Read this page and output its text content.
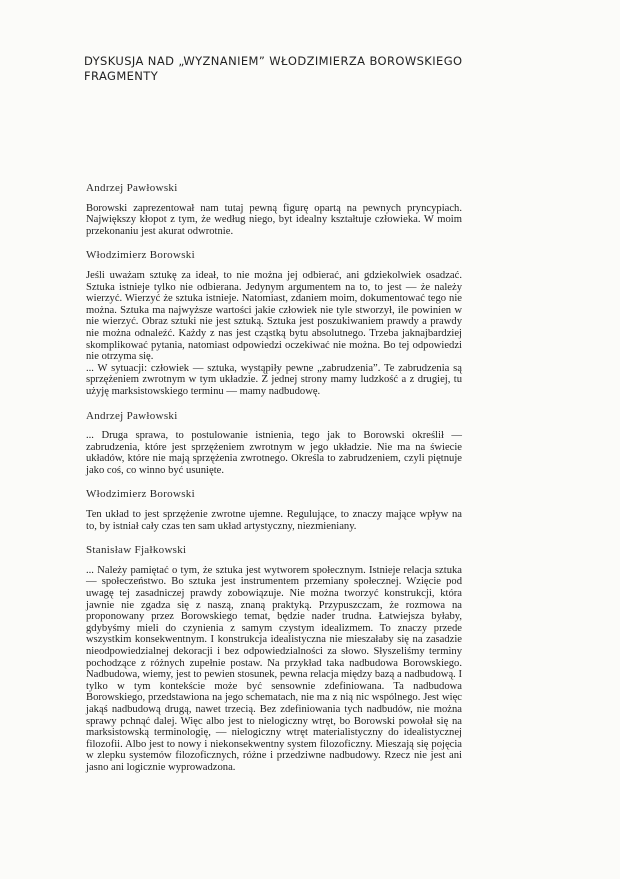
DYSKUSJA NAD „WYZNANIEM” WŁODZIMIERZA BOROWSKIEGO
FRAGMENTY
Andrzej Pawłowski
Borowski zaprezentował nam tutaj pewną figurę opartą na pewnych pryncypiach. Największy kłopot z tym, że według niego, byt idealny kształtuje człowieka. W moim przekonaniu jest akurat odwrotnie.
Włodzimierz Borowski
Jeśli uważam sztukę za ideał, to nie można jej odbierać, ani gdziekolwiek osadzać. Sztuka istnieje tylko nie odbierana. Jedynym argumentem na to, to jest — że należy wierzyć. Wierzyć że sztuka istnieje. Natomiast, zdaniem moim, dokumentować tego nie można. Sztuka ma najwyższe wartości jakie człowiek nie tyle stworzył, ile powinien w nie wierzyć. Obraz sztuki nie jest sztuką. Sztuka jest poszukiwaniem prawdy a prawdy nie można odnaleźć. Każdy z nas jest cząstką bytu absolutnego. Trzeba jaknajbardziej skomplikować pytania, natomiast odpowiedzi oczekiwać nie można. Bo tej odpowiedzi nie otrzyma się.
... W sytuacji: człowiek — sztuka, wystąpiły pewne „zabrudzenia”. Te zabrudzenia są sprzężeniem zwrotnym w tym układzie. Z jednej strony mamy ludzkość a z drugiej, tu użyję marksistowskiego terminu — mamy nadbudowę.
Andrzej Pawłowski
... Druga sprawa, to postulowanie istnienia, tego jak to Borowski określił — zabrudzenia, które jest sprzężeniem zwrotnym w jego układzie. Nie ma na świecie układów, które nie mają sprzężenia zwrotnego. Określa to zabrudzeniem, czyli piętnuje jako coś, co winno być usunięte.
Włodzimierz Borowski
Ten układ to jest sprzężenie zwrotne ujemne. Regulujące, to znaczy mające wpływ na to, by istniał cały czas ten sam układ artystyczny, niezmieniany.
Stanisław Fjałkowski
... Należy pamiętać o tym, że sztuka jest wytworem społecznym. Istnieje relacja sztuka — społeczeństwo. Bo sztuka jest instrumentem przemiany społecznej. Wzięcie pod uwagę tej zasadniczej prawdy zobowiązuje. Nie można tworzyć konstrukcji, która jawnie nie zgadza się z naszą, znaną praktyką. Przypuszczam, że rozmowa na proponowany przez Borowskiego temat, będzie nader trudna. Łatwiejsza byłaby, gdybyśmy mieli do czynienia z samym czystym idealizmem. To znaczy przede wszystkim konsekwentnym. I konstrukcja idealistyczna nie mieszałaby się na zasadzie nieodpowiedzialnej dekoracji i bez odpowiedzialności za słowo. Słyszeliśmy terminy pochodzące z różnych zupełnie postaw. Na przykład taka nadbudowa Borowskiego. Nadbudowa, wiemy, jest to pewien stosunek, pewna relacja między bazą a nadbudową. I tylko w tym kontekście może być sensownie zdefiniowana. Ta nadbudowa Borowskiego, przedstawiona na jego schematach, nie ma z nią nic wspólnego. Jest więc jakąś nadbudową drugą, nawet trzecią. Bez zdefiniowania tych nadbudów, nie można sprawy pchnąć dalej. Więc albo jest to nielogiczny wtręt, bo Borowski powołał się na marksistowską terminologię, — nielogiczny wtręt materialistyczny do idealistycznej filozofii. Albo jest to nowy i niekonsekwentny system filozoficzny. Mieszają się pojęcia w zlepku systemów filozoficznych, różne i przedziwne nadbudowy. Rzecz nie jest ani jasno ani logicznie wyprowadzona.
